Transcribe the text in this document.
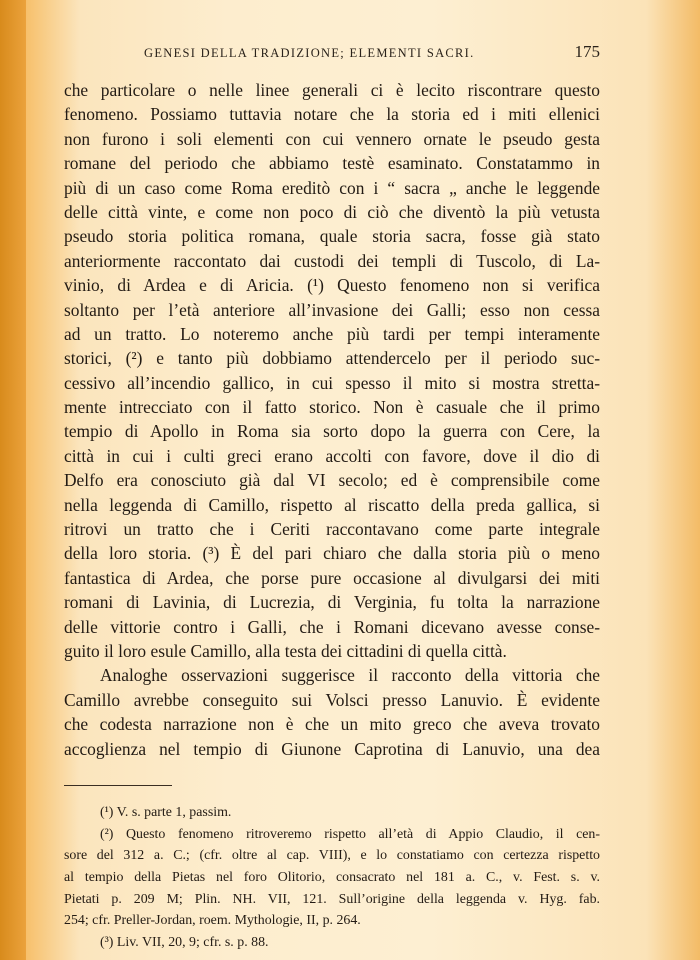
GENESI DELLA TRADIZIONE; ELEMENTI SACRI.	175
che particolare o nelle linee generali ci è lecito riscontrare questo
fenomeno. Possiamo tuttavia notare che la storia ed i miti ellenici
non furono i soli elementi con cui vennero ornate le pseudo gesta
romane del periodo che abbiamo testè esaminato. Constatammo in
più di un caso come Roma ereditò con i “ sacra „ anche le leggende
delle città vinte, e come non poco di ciò che diventò la più vetusta
pseudo storia politica romana, quale storia sacra, fosse già stato
anteriormente raccontato dai custodi dei templi di Tuscolo, di La-
vinio, di Ardea e di Aricia. (¹) Questo fenomeno non si verifica
soltanto per l’età anteriore all’invasione dei Galli; esso non cessa
ad un tratto. Lo noteremo anche più tardi per tempi interamente
storici, (²) e tanto più dobbiamo attendercelo per il periodo suc-
cessivo all’incendio gallico, in cui spesso il mito si mostra stretta-
mente intrecciato con il fatto storico. Non è casuale che il primo
tempio di Apollo in Roma sia sorto dopo la guerra con Cere, la
città in cui i culti greci erano accolti con favore, dove il dio di
Delfo era conosciuto già dal VI secolo; ed è comprensibile come
nella leggenda di Camillo, rispetto al riscatto della preda gallica, si
ritrovi un tratto che i Ceriti raccontavano come parte integrale
della loro storia. (³) È del pari chiaro che dalla storia più o meno
fantastica di Ardea, che porse pure occasione al divulgarsi dei miti
romani di Lavinia, di Lucrezia, di Verginia, fu tolta la narrazione
delle vittorie contro i Galli, che i Romani dicevano avesse conse-
guito il loro esule Camillo, alla testa dei cittadini di quella città.
Analoghe osservazioni suggerisce il racconto della vittoria che
Camillo avrebbe conseguito sui Volsci presso Lanuvio. È evidente
che codesta narrazione non è che un mito greco che aveva trovato
accoglienza nel tempio di Giunone Caprotina di Lanuvio, una dea
(¹) V. s. parte 1, passim.
(²) Questo fenomeno ritroveremo rispetto all’età di Appio Claudio, il cen-
sore del 312 a. C.; (cfr. oltre al cap. VIII), e lo constatiamo con certezza rispetto
al tempio della Pietas nel foro Olitorio, consacrato nel 181 a. C., v. Fest. s. v.
Pietati p. 209 M; Plin. NH. VII, 121. Sull’origine della leggenda v. Hyg. fab.
254; cfr. Preller-Jordan, roem. Mythologie, II, p. 264.
(³) Liv. VII, 20, 9; cfr. s. p. 88.
